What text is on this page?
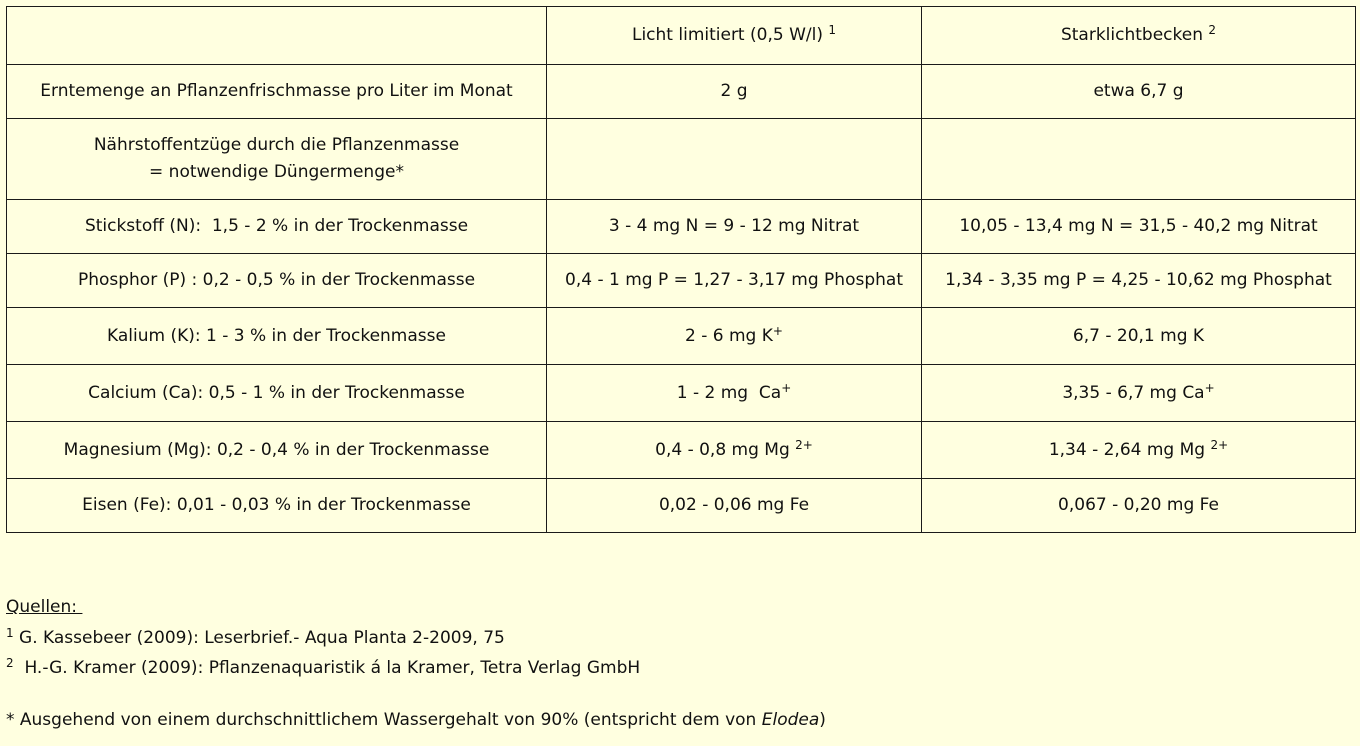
	Licht limitiert (0,5 W/l) $^1$	Starklichtbecken $^2$
Erntemenge an Pflanzenfrischmasse pro Liter im Monat	2 g	etwa 6,7 g
Nährstoffentzüge durch die Pflanzenmasse
= notwendige Düngermenge*		
Stickstoff (N):  1,5 - 2 % in der Trockenmasse	3 - 4 mg N = 9 - 12 mg Nitrat	10,05 - 13,4 mg N = 31,5 - 40,2 mg Nitrat
Phosphor (P) : 0,2 - 0,5 % in der Trockenmasse	0,4 - 1 mg P = 1,27 - 3,17 mg Phosphat	1,34 - 3,35 mg P = 4,25 - 10,62 mg Phosphat
Kalium (K): 1 - 3 % in der Trockenmasse	2 - 6 mg K+	6,7 - 20,1 mg K
Calcium (Ca): 0,5 - 1 % in der Trockenmasse	1 - 2 mg  Ca+	3,35 - 6,7 mg Ca+
Magnesium (Mg): 0,2 - 0,4 % in der Trockenmasse	0,4 - 0,8 mg Mg $^{2+}$	1,34 - 2,64 mg Mg $^{2+}$
Eisen (Fe): 0,01 - 0,03 % in der Trockenmasse	0,02 - 0,06 mg Fe	0,067 - 0,20 mg Fe
Quellen:
$^1$ G. Kassebeer (2009): Leserbrief.- Aqua Planta 2-2009, 75
$^2$  H.-G. Kramer (2009): Pflanzenaquaristik á la Kramer, Tetra Verlag GmbH
* Ausgehend von einem durchschnittlichem Wassergehalt von 90% (entspricht dem von Elodea)
